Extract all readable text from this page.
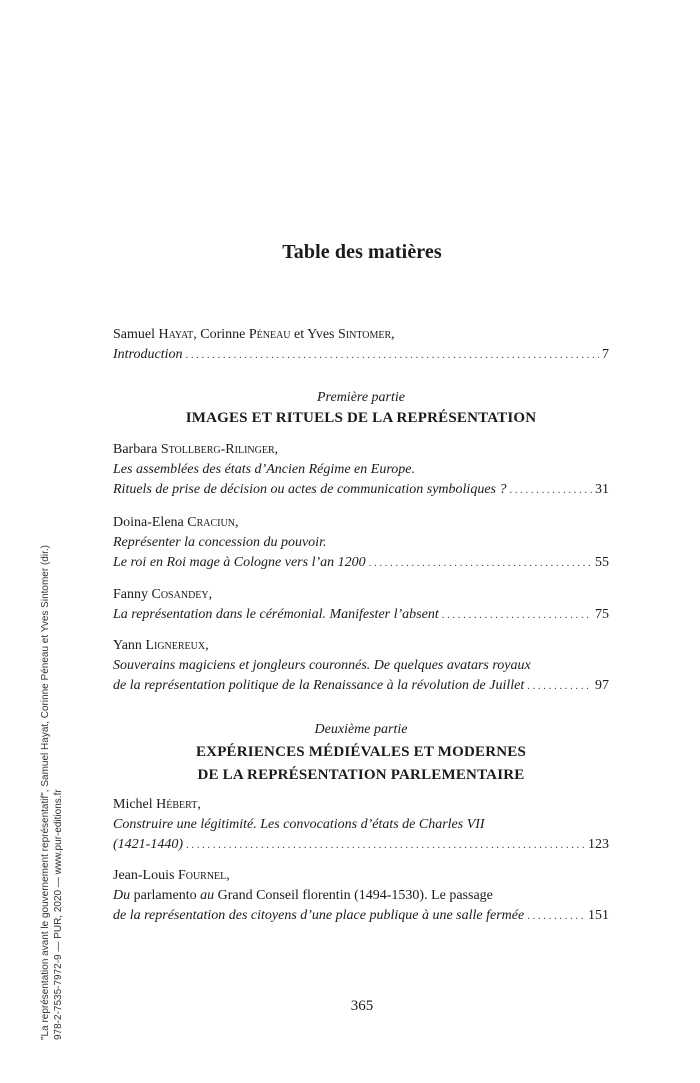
"La représentation avant le gouvernement représentatif", Samuel Hayat, Corinne Péneau et Yves Sintomer (dir.) 978-2-7535-7972-9 — PUR, 2020 — www.pur-editions.fr
Table des matières
Samuel Hayat, Corinne Péneau et Yves Sintomer,
Introduction .....	7
Première partie
IMAGES ET RITUELS DE LA REPRÉSENTATION
Barbara Stollberg-Rilinger,
Les assemblées des états d’Ancien Régime en Europe.
Rituels de prise de décision ou actes de communication symboliques ? .....	31
Doina-Elena Craciun,
Représenter la concession du pouvoir.
Le roi en Roi mage à Cologne vers l’an 1200 .....	55
Fanny Cosandey,
La représentation dans le cérémonial. Manifester l’absent .....	75
Yann Lignereux,
Souverains magiciens et jongleurs couronnés. De quelques avatars royaux
de la représentation politique de la Renaissance à la révolution de Juillet .....	97
Deuxième partie
EXPÉRIENCES MÉDIÉVALES ET MODERNES
DE LA REPRÉSENTATION PARLEMENTAIRE
Michel Hébert,
Construire une légitimité. Les convocations d’états de Charles VII
(1421-1440) .....	123
Jean-Louis Fournel,
Du parlamento au Grand Conseil florentin (1494-1530). Le passage
de la représentation des citoyens d’une place publique à une salle fermée .....	151
365
